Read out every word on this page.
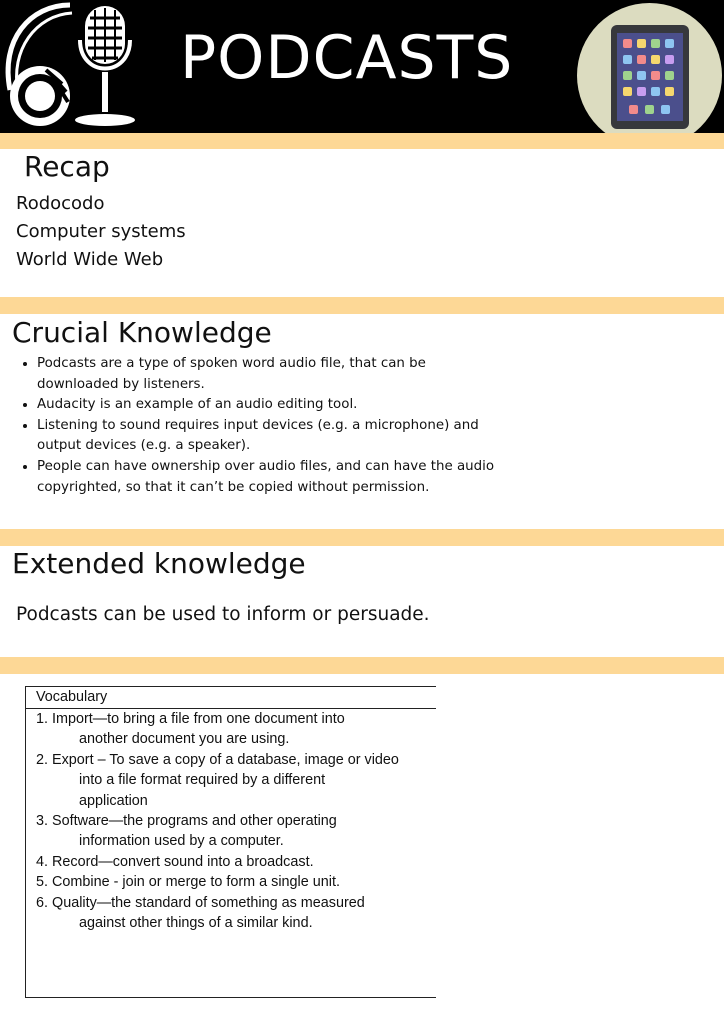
PODCASTS
Recap
Rodocodo
Computer systems
World Wide Web
Crucial Knowledge
• Podcasts are a type of spoken word audio file, that can be
downloaded by listeners.
• Audacity is an example of an audio editing tool.
• Listening to sound requires input devices (e.g. a microphone) and
output devices (e.g. a speaker).
• People can have ownership over audio files, and can have the audio
copyrighted, so that it can’t be copied without permission.
Extended knowledge
Podcasts can be used to inform or persuade.
Vocabulary
1. Import—to bring a file from one document into
another document you are using.
2. Export – To save a copy of a database, image or video
into a file format required by a different
application
3. Software—the programs and other operating
information used by a computer.
4. Record—convert sound into a broadcast.
5. Combine - join or merge to form a single unit.
6. Quality—the standard of something as measured
against other things of a similar kind.
